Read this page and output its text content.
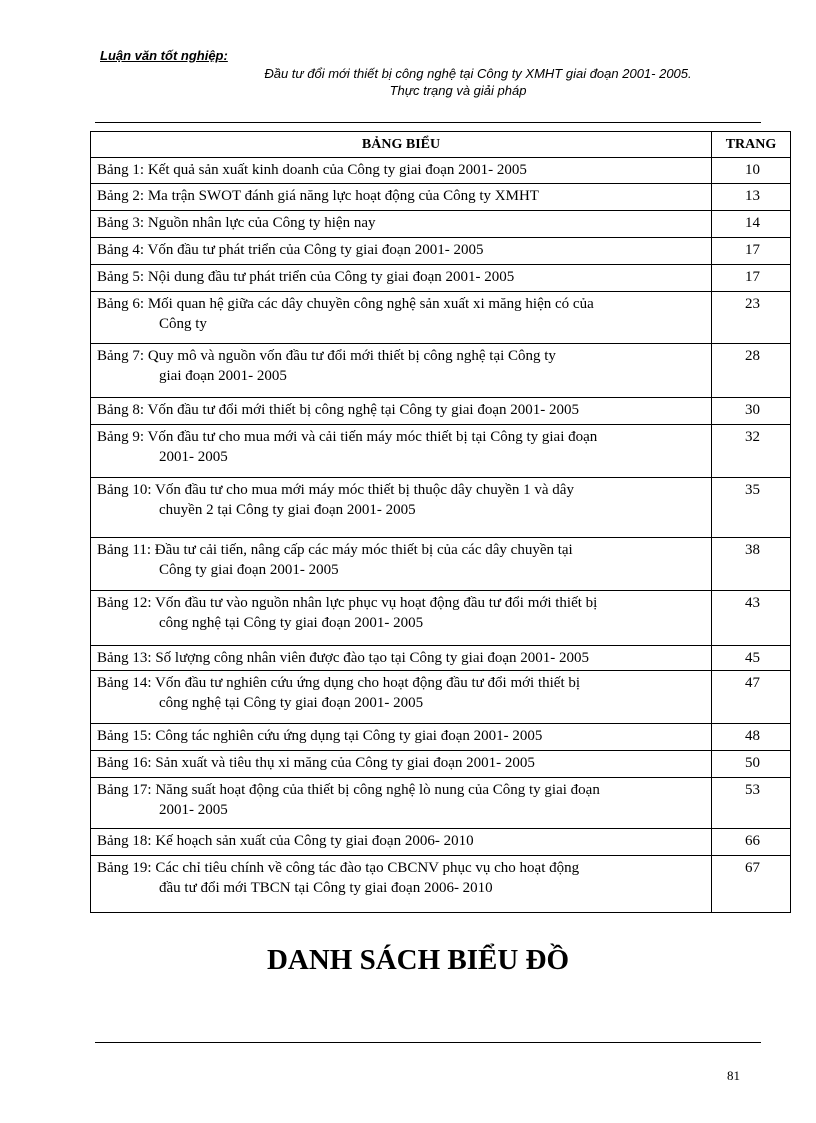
Luận văn tốt nghiệp:
Đầu tư đổi mới thiết bị công nghệ tại Công ty XMHT giai đoạn 2001- 2005.
Thực trạng và giải pháp
BẢNG BIỂU	TRANG
Bảng 1: Kết quả sản xuất kinh doanh của Công ty giai đoạn 2001- 2005	10
Bảng 2: Ma trận SWOT đánh giá năng lực hoạt động của Công ty XMHT	13
Bảng 3: Nguồn nhân lực của Công ty hiện nay	14
Bảng 4: Vốn đầu tư phát triển của Công ty giai đoạn 2001- 2005	17
Bảng 5: Nội dung đầu tư phát triển của Công ty giai đoạn 2001- 2005	17
Bảng 6: Mối quan hệ giữa các dây chuyền công nghệ sản xuất xi măng hiện có của
Công ty	23
Bảng 7: Quy mô và nguồn vốn đầu tư đổi mới thiết bị công nghệ tại Công ty
giai đoạn 2001- 2005	28
Bảng 8: Vốn đầu tư đổi mới thiết bị công nghệ tại Công ty giai đoạn 2001- 2005	30
Bảng 9: Vốn đầu tư cho mua mới và cải tiến máy móc thiết bị tại Công ty giai đoạn
2001- 2005	32
Bảng 10: Vốn đầu tư cho mua mới máy móc thiết bị thuộc dây chuyền 1 và dây
chuyền 2 tại Công ty giai đoạn 2001- 2005	35
Bảng 11: Đầu tư cải tiến, nâng cấp các máy móc thiết bị của các dây chuyền tại
Công ty giai đoạn 2001- 2005	38
Bảng 12: Vốn đầu tư vào nguồn nhân lực phục vụ hoạt động đầu tư đổi mới thiết bị
công nghệ tại Công ty giai đoạn 2001- 2005	43
Bảng 13: Số lượng công nhân viên được đào tạo tại Công ty giai đoạn 2001- 2005	45
Bảng 14: Vốn đầu tư nghiên cứu ứng dụng cho hoạt động đầu tư đổi mới thiết bị
công nghệ tại Công ty giai đoạn 2001- 2005	47
Bảng 15: Công tác nghiên cứu ứng dụng tại Công ty giai đoạn 2001- 2005	48
Bảng 16: Sản xuất và tiêu thụ xi măng của Công ty giai đoạn 2001- 2005	50
Bảng 17: Năng suất hoạt động của thiết bị công nghệ lò nung của Công ty giai đoạn
2001- 2005	53
Bảng 18: Kế hoạch sản xuất của Công ty giai đoạn 2006- 2010	66
Bảng 19: Các chỉ tiêu chính về công tác đào tạo CBCNV phục vụ cho hoạt động
đầu tư đổi mới TBCN tại Công ty giai đoạn 2006- 2010	67
DANH SÁCH BIỂU ĐỒ
81
